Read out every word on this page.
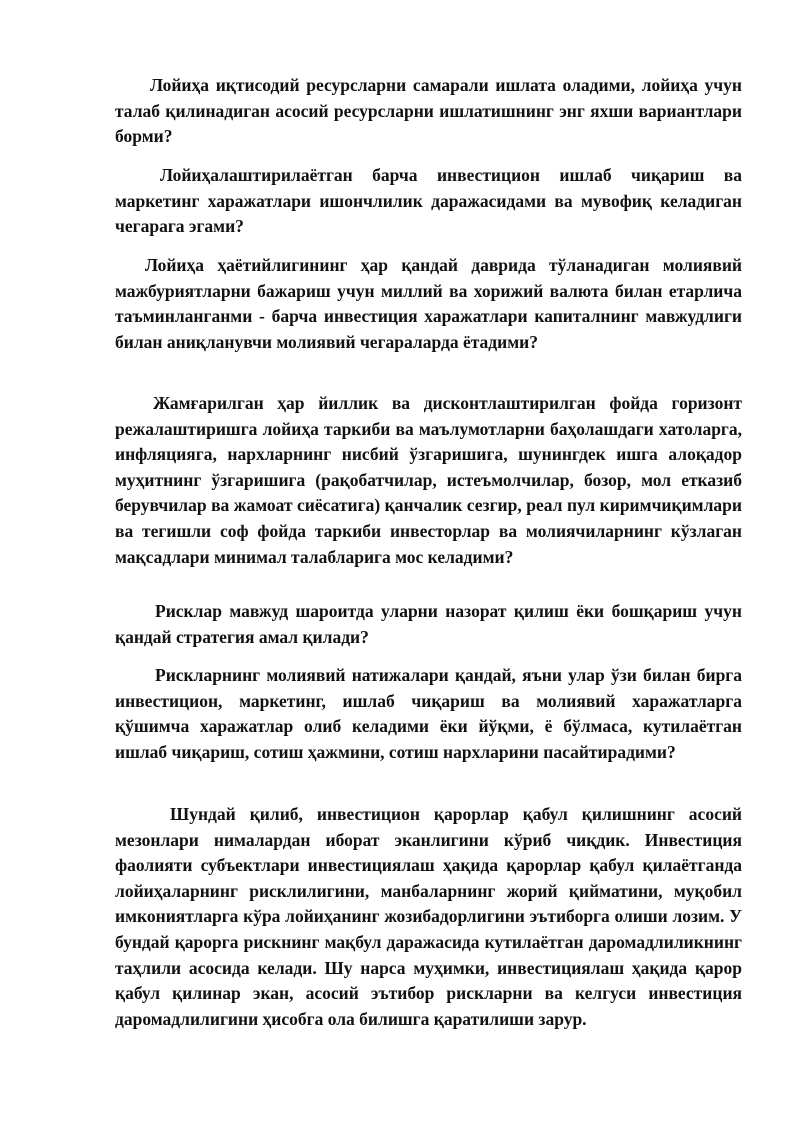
Лойиҳа иқтисодий ресурсларни самарали ишлата оладими, лойиҳа учун талаб қилинадиган асосий ресурсларни ишлатишнинг энг яхши вариантлари борми?

Лойиҳалаштирилаётган барча инвестицион ишлаб чиқариш ва маркетинг харажатлари ишончлилик даражасидами ва мувофиқ келадиган чегарага эгами?

Лойиҳа ҳаётийлигининг ҳар қандай даврида тўланадиган молиявий мажбуриятларни бажариш учун миллий ва хорижий валюта билан етарлича таъминланганми - барча инвестиция харажатлари капиталнинг мавжудлиги билан аниқланувчи молиявий чегараларда ётадими?

Жамғарилган ҳар йиллик ва дисконтлаштирилган фойда горизонт режалаштиришга лойиҳа таркиби ва маълумотларни баҳолашдаги хатоларга, инфляцияга, нархларнинг нисбий ўзгаришига, шунингдек ишга алоқадор муҳитнинг ўзгаришига (рақобатчилар, истеъмолчилар, бозор, мол етказиб берувчилар ва жамоат сиёсатига) қанчалик сезгир, реал пул киримчиқимлари ва тегишли соф фойда таркиби инвесторлар ва молиячиларнинг кўзлаган мақсадлари минимал талабларига мос келадими?

Рисклар мавжуд шароитда уларни назорат қилиш ёки бошқариш учун қандай стратегия амал қилади?

Рискларнинг молиявий натижалари қандай, яъни улар ўзи билан бирга инвестицион, маркетинг, ишлаб чиқариш ва молиявий харажатларга қўшимча харажатлар олиб келадими ёки йўқми, ё бўлмаса, кутилаётган ишлаб чиқариш, сотиш ҳажмини, сотиш нархларини пасайтирадими?

Шундай қилиб, инвестицион қарорлар қабул қилишнинг асосий мезонлари нималардан иборат эканлигини кўриб чиқдик. Инвестиция фаолияти субъектлари инвестициялаш ҳақида қарорлар қабул қилаётганда лойиҳаларнинг рисклилигини, манбаларнинг жорий қийматини, муқобил имкониятларга кўра лойиҳанинг жозибадорлигини эътиборга олиши лозим. У бундай қарорга рискнинг мақбул даражасида кутилаётган даромадлиликнинг таҳлили асосида келади. Шу нарса муҳимки, инвестициялаш ҳақида қарор қабул қилинар экан, асосий эътибор рискларни ва келгуси инвестиция даромадлилигини ҳисобга ола билишга қаратилиши зарур.
